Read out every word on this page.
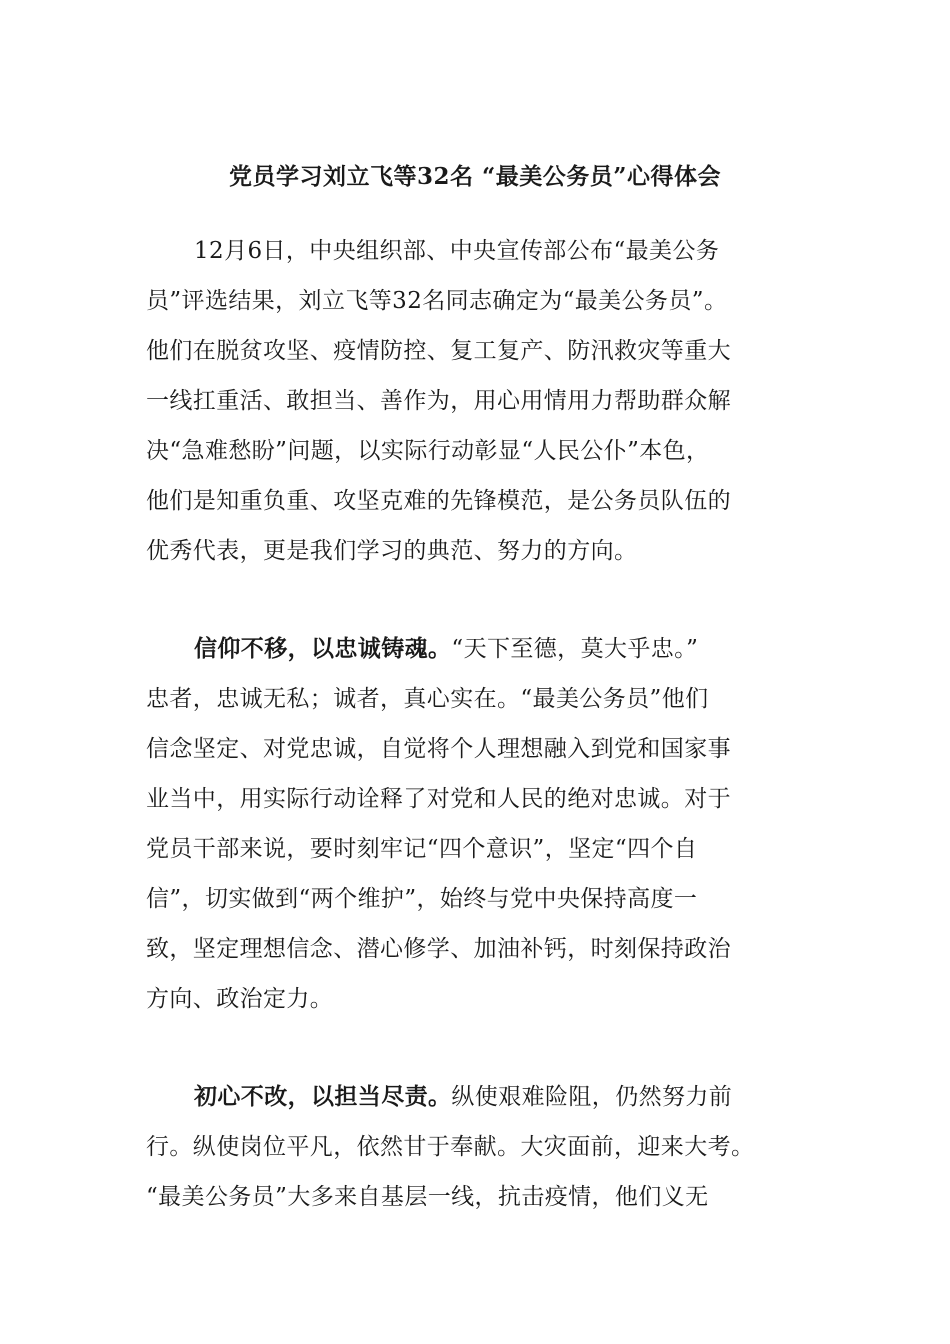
党员学习刘立飞等32名 “最美公务员”心得体会
12月6日，中央组织部、中央宣传部公布“最美公务
员”评选结果，刘立飞等32名同志确定为“最美公务员”。
他们在脱贫攻坚、疫情防控、复工复产、防汛救灾等重大
一线扛重活、敢担当、善作为，用心用情用力帮助群众解
决“急难愁盼”问题，以实际行动彰显“人民公仆”本色，
他们是知重负重、攻坚克难的先锋模范，是公务员队伍的
优秀代表，更是我们学习的典范、努力的方向。
信仰不移，以忠诚铸魂。“天下至德，莫大乎忠。”
忠者，忠诚无私；诚者，真心实在。“最美公务员”他们
信念坚定、对党忠诚，自觉将个人理想融入到党和国家事
业当中，用实际行动诠释了对党和人民的绝对忠诚。对于
党员干部来说，要时刻牢记“四个意识”，坚定“四个自
信”，切实做到“两个维护”，始终与党中央保持高度一
致，坚定理想信念、潜心修学、加油补钙，时刻保持政治
方向、政治定力。
初心不改，以担当尽责。纵使艰难险阻，仍然努力前
行。纵使岗位平凡，依然甘于奉献。大灾面前，迎来大考。
“最美公务员”大多来自基层一线，抗击疫情，他们义无
